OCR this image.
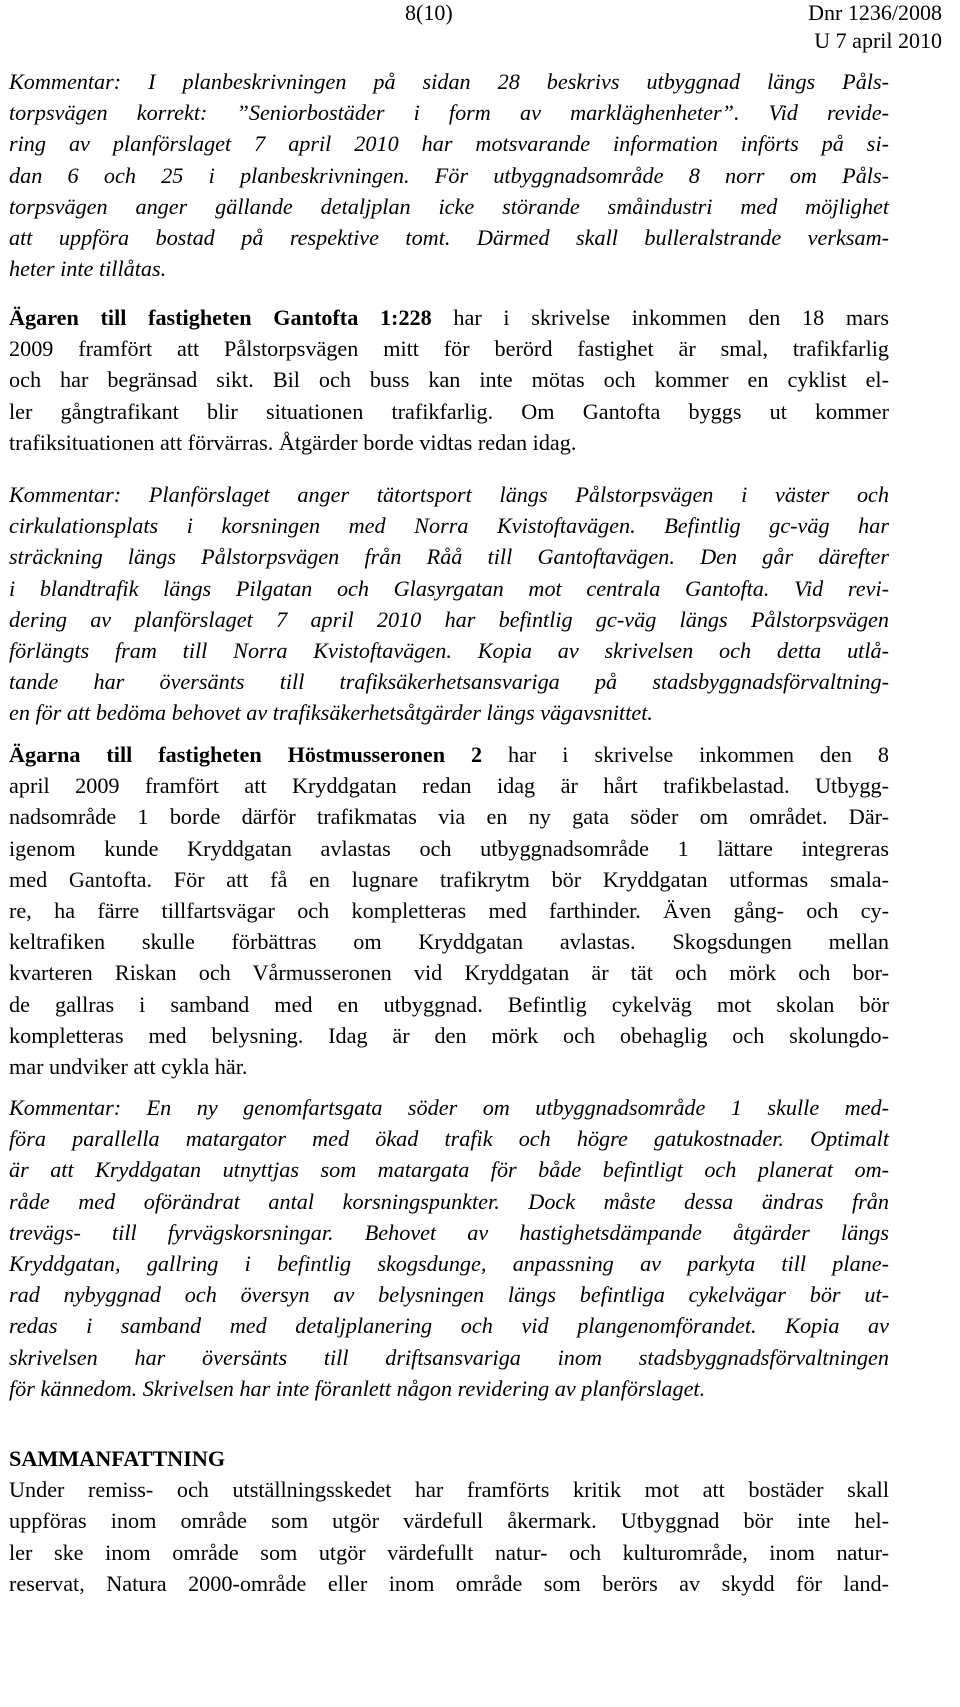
8(10)	Dnr 1236/2008
U 7 april 2010

Kommentar: I planbeskrivningen på sidan 28 beskrivs utbyggnad längs Påls-
torpsvägen korrekt: ”Seniorbostäder i form av markläghenheter”. Vid revide-
ring av planförslaget 7 april 2010 har motsvarande information införts på si-
dan 6 och 25 i planbeskrivningen. För utbyggnadsområde 8 norr om Påls-
torpsvägen anger gällande detaljplan icke störande småindustri med möjlighet
att uppföra bostad på respektive tomt. Därmed skall bulleralstrande verksam-
heter inte tillåtas.

Ägaren till fastigheten Gantofta 1:228 har i skrivelse inkommen den 18 mars
2009 framfört att Pålstorpsvägen mitt för berörd fastighet är smal, trafikfarlig
och har begränsad sikt. Bil och buss kan inte mötas och kommer en cyklist el-
ler gångtrafikant blir situationen trafikfarlig. Om Gantofta byggs ut kommer
trafiksituationen att förvärras. Åtgärder borde vidtas redan idag.

Kommentar: Planförslaget anger tätortsport längs Pålstorpsvägen i väster och
cirkulationsplats i korsningen med Norra Kvistoftavägen. Befintlig gc-väg har
sträckning längs Pålstorpsvägen från Råå till Gantoftavägen. Den går därefter
i blandtrafik längs Pilgatan och Glasyrgatan mot centrala Gantofta. Vid revi-
dering av planförslaget 7 april 2010 har befintlig gc-väg längs Pålstorpsvägen
förlängts fram till Norra Kvistoftavägen. Kopia av skrivelsen och detta utlå-
tande har översänts till trafiksäkerhetsansvariga på stadsbyggnadsförvaltning-
en för att bedöma behovet av trafiksäkerhetsåtgärder längs vägavsnittet.

Ägarna till fastigheten Höstmusseronen 2 har i skrivelse inkommen den 8
april 2009 framfört att Kryddgatan redan idag är hårt trafikbelastad. Utbygg-
nadsområde 1 borde därför trafikmatas via en ny gata söder om området. Där-
igenom kunde Kryddgatan avlastas och utbyggnadsområde 1 lättare integreras
med Gantofta. För att få en lugnare trafikrytm bör Kryddgatan utformas smala-
re, ha färre tillfartsvägar och kompletteras med farthinder. Även gång- och cy-
keltrafiken skulle förbättras om Kryddgatan avlastas. Skogsdungen mellan
kvarteren Riskan och Vårmusseronen vid Kryddgatan är tät och mörk och bor-
de gallras i samband med en utbyggnad. Befintlig cykelväg mot skolan bör
kompletteras med belysning. Idag är den mörk och obehaglig och skolungdo-
mar undviker att cykla här.

Kommentar: En ny genomfartsgata söder om utbyggnadsområde 1 skulle med-
föra parallella matargator med ökad trafik och högre gatukostnader. Optimalt
är att Kryddgatan utnyttjas som matargata för både befintligt och planerat om-
råde med oförändrat antal korsningspunkter. Dock måste dessa ändras från
trevägs- till fyrvägskorsningar. Behovet av hastighetsdämpande åtgärder längs
Kryddgatan, gallring i befintlig skogsdunge, anpassning av parkyta till plane-
rad nybyggnad och översyn av belysningen längs befintliga cykelvägar bör ut-
redas i samband med detaljplanering och vid plangenomförandet. Kopia av
skrivelsen har översänts till driftsansvariga inom stadsbyggnadsförvaltningen
för kännedom. Skrivelsen har inte föranlett någon revidering av planförslaget.

SAMMANFATTNING

Under remiss- och utställningsskedet har framförts kritik mot att bostäder skall
uppföras inom område som utgör värdefull åkermark. Utbyggnad bör inte hel-
ler ske inom område som utgör värdefullt natur- och kulturområde, inom natur-
reservat, Natura 2000-område eller inom område som berörs av skydd för land-
